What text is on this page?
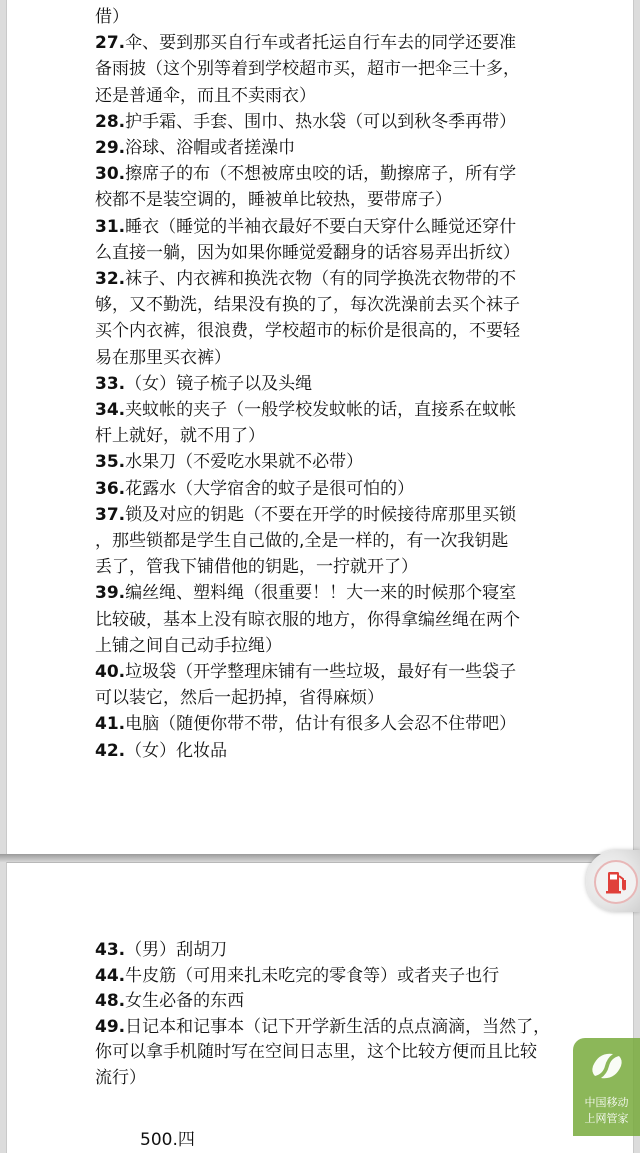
借）
27.伞、要到那买自行车或者托运自行车去的同学还要准
备雨披（这个别等着到学校超市买，超市一把伞三十多，
还是普通伞，而且不卖雨衣）
28.护手霜、手套、围巾、热水袋（可以到秋冬季再带）
29.浴球、浴帽或者搓澡巾
30.擦席子的布（不想被席虫咬的话，勤擦席子，所有学
校都不是装空调的，睡被单比较热，要带席子）
31.睡衣（睡觉的半袖衣最好不要白天穿什么睡觉还穿什
么直接一躺，因为如果你睡觉爱翻身的话容易弄出折纹）
32.袜子、内衣裤和换洗衣物（有的同学换洗衣物带的不
够，又不勤洗，结果没有换的了，每次洗澡前去买个袜子
买个内衣裤，很浪费，学校超市的标价是很高的，不要轻
易在那里买衣裤）
33.（女）镜子梳子以及头绳
34.夹蚊帐的夹子（一般学校发蚊帐的话，直接系在蚊帐
杆上就好，就不用了）
35.水果刀（不爱吃水果就不必带）
36.花露水（大学宿舍的蚊子是很可怕的）
37.锁及对应的钥匙（不要在开学的时候接待席那里买锁
，那些锁都是学生自己做的,全是一样的，有一次我钥匙
丢了，管我下铺借他的钥匙，一拧就开了）
39.编丝绳、塑料绳（很重要！！大一来的时候那个寝室
比较破，基本上没有晾衣服的地方，你得拿编丝绳在两个
上铺之间自己动手拉绳）
40.垃圾袋（开学整理床铺有一些垃圾，最好有一些袋子
可以装它，然后一起扔掉，省得麻烦）
41.电脑（随便你带不带，估计有很多人会忍不住带吧）
42.（女）化妆品
43.（男）刮胡刀
44.牛皮筋（可用来扎未吃完的零食等）或者夹子也行
48.女生必备的东西
49.日记本和记事本（记下开学新生活的点点滴滴，当然了，
你可以拿手机随时写在空间日志里，这个比较方便而且比较
流行）
中国移动
上网管家
